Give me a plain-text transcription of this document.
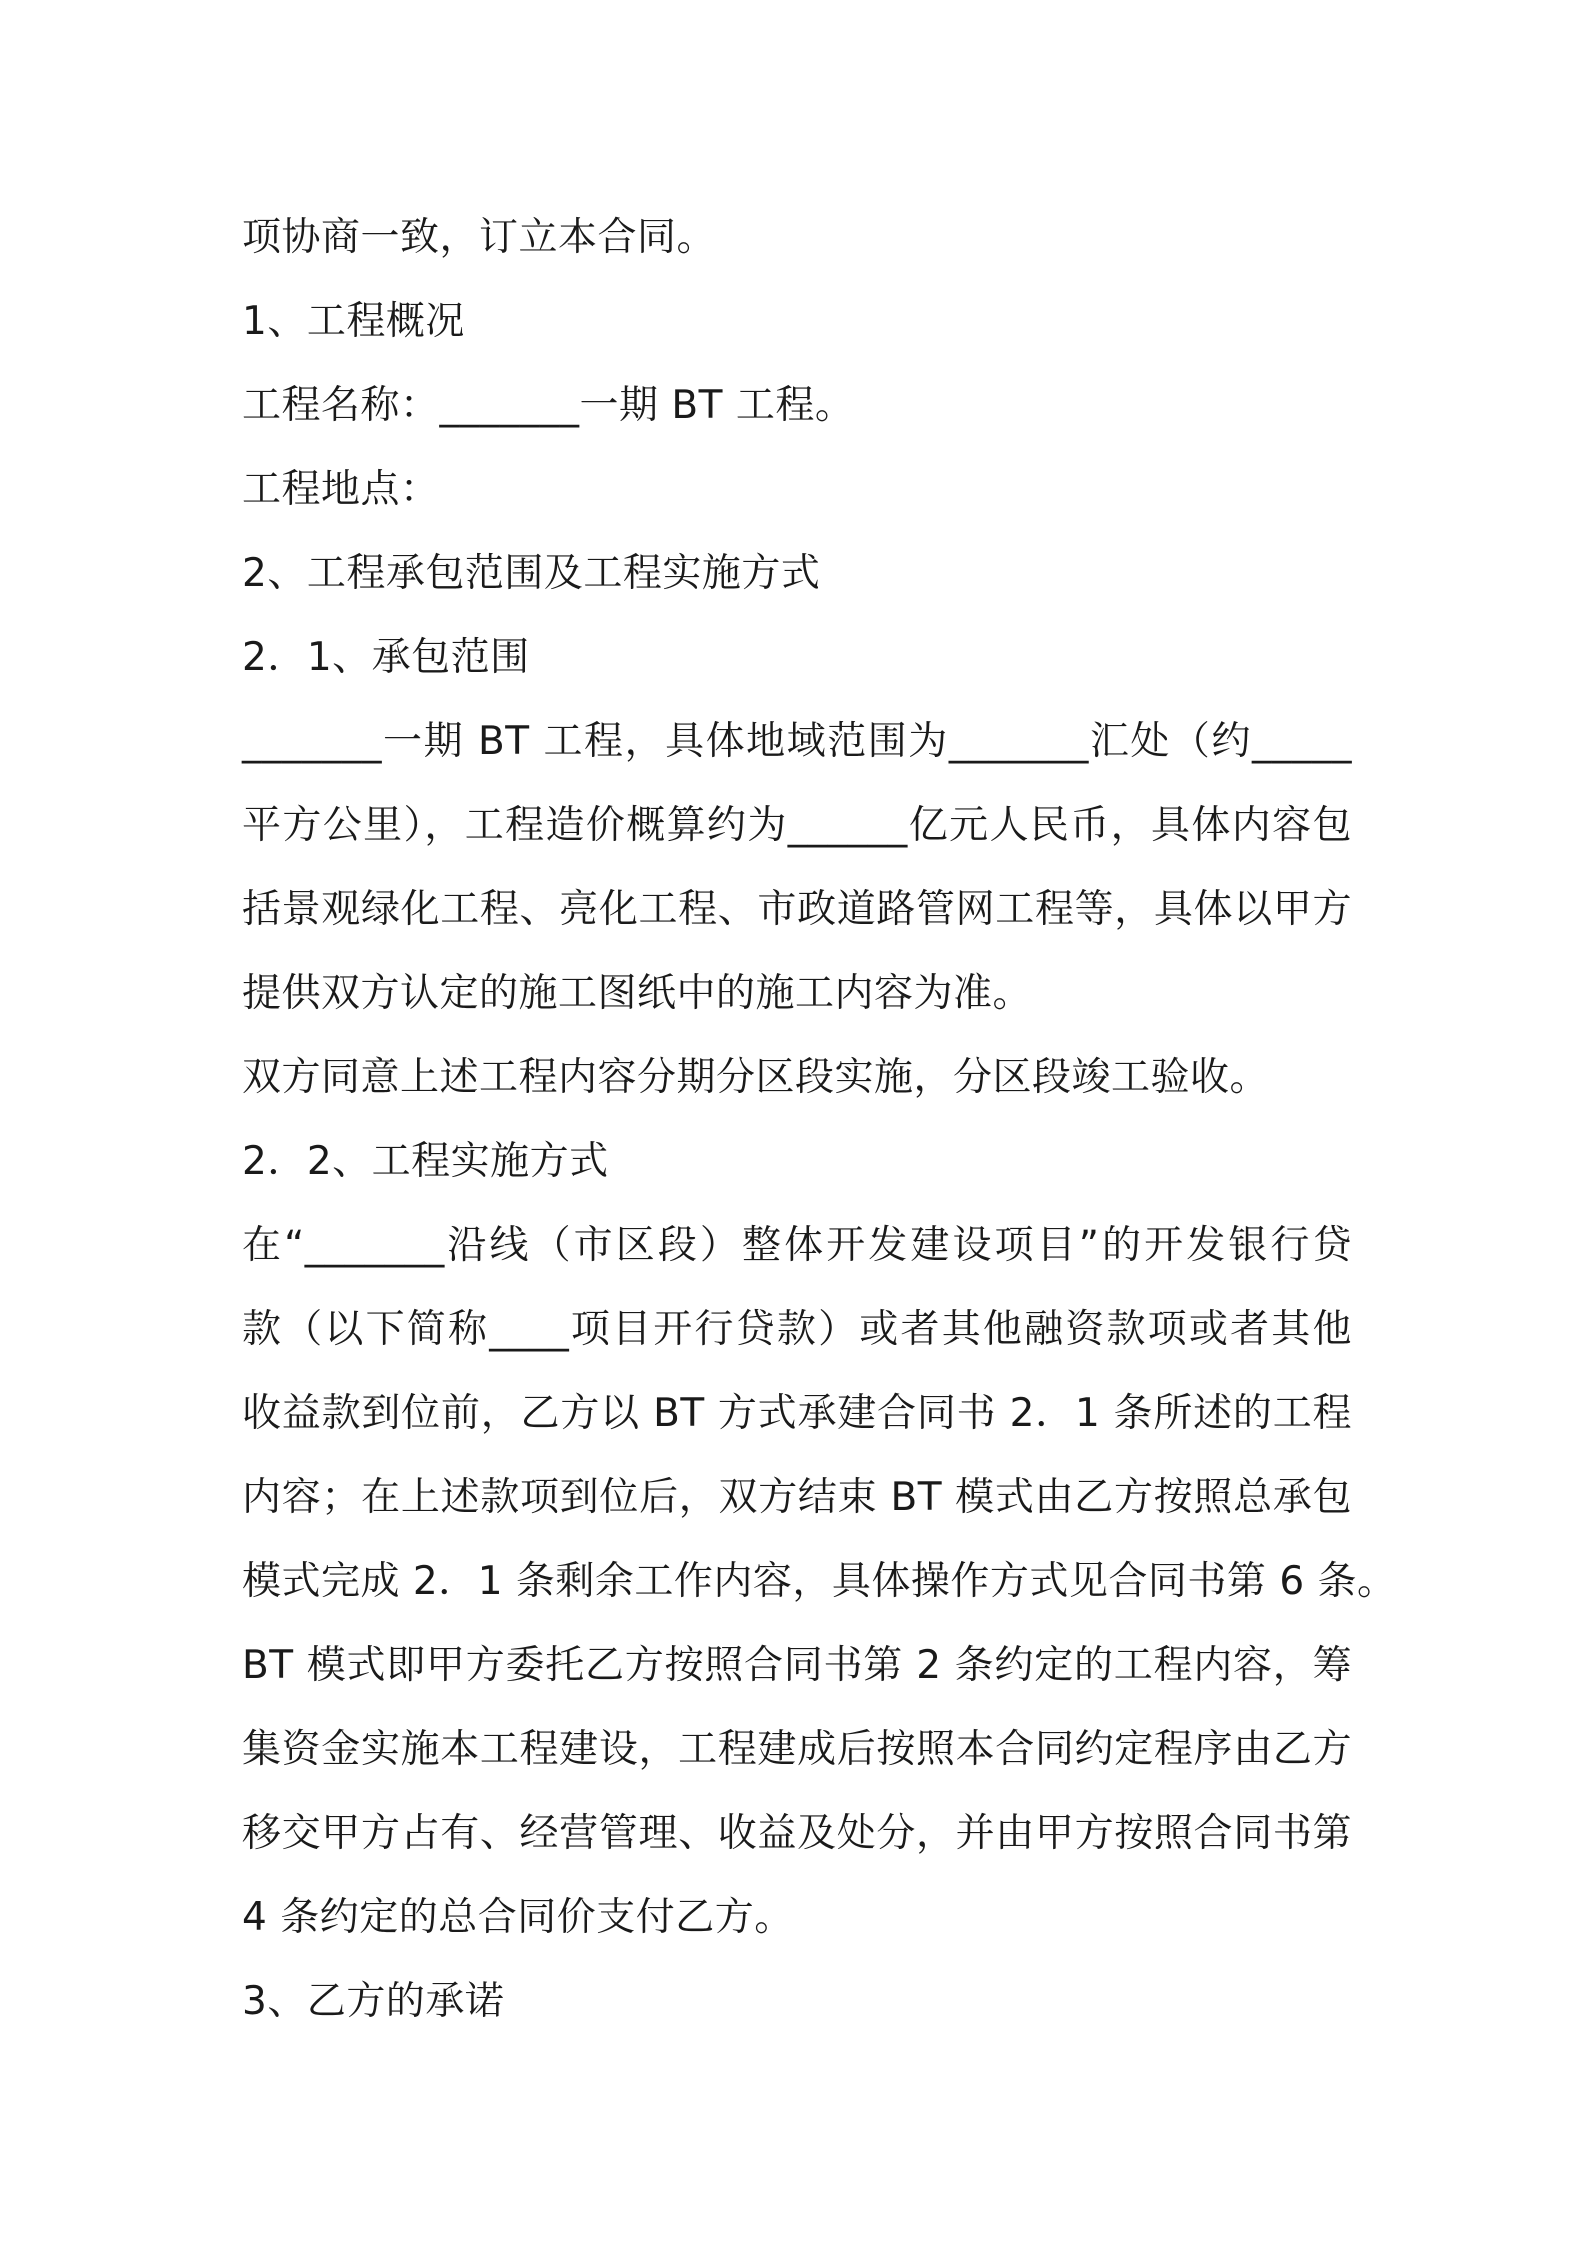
项协商一致，订立本合同。
1、工程概况
工程名称：_______一期 BT 工程。
工程地点：
2、工程承包范围及工程实施方式
2．1、承包范围
_______一期 BT 工程，具体地域范围为_______汇处（约_____
平方公里），工程造价概算约为______亿元人民币，具体内容包
括景观绿化工程、亮化工程、市政道路管网工程等，具体以甲方
提供双方认定的施工图纸中的施工内容为准。
双方同意上述工程内容分期分区段实施，分区段竣工验收。
2．2、工程实施方式
在“_______沿线（市区段）整体开发建设项目”的开发银行贷
款（以下简称____项目开行贷款）或者其他融资款项或者其他
收益款到位前，乙方以 BT 方式承建合同书 2．1 条所述的工程
内容；在上述款项到位后，双方结束 BT 模式由乙方按照总承包
模式完成 2．1 条剩余工作内容，具体操作方式见合同书第 6 条。
BT 模式即甲方委托乙方按照合同书第 2 条约定的工程内容，筹
集资金实施本工程建设，工程建成后按照本合同约定程序由乙方
移交甲方占有、经营管理、收益及处分，并由甲方按照合同书第
4 条约定的总合同价支付乙方。
3、乙方的承诺
